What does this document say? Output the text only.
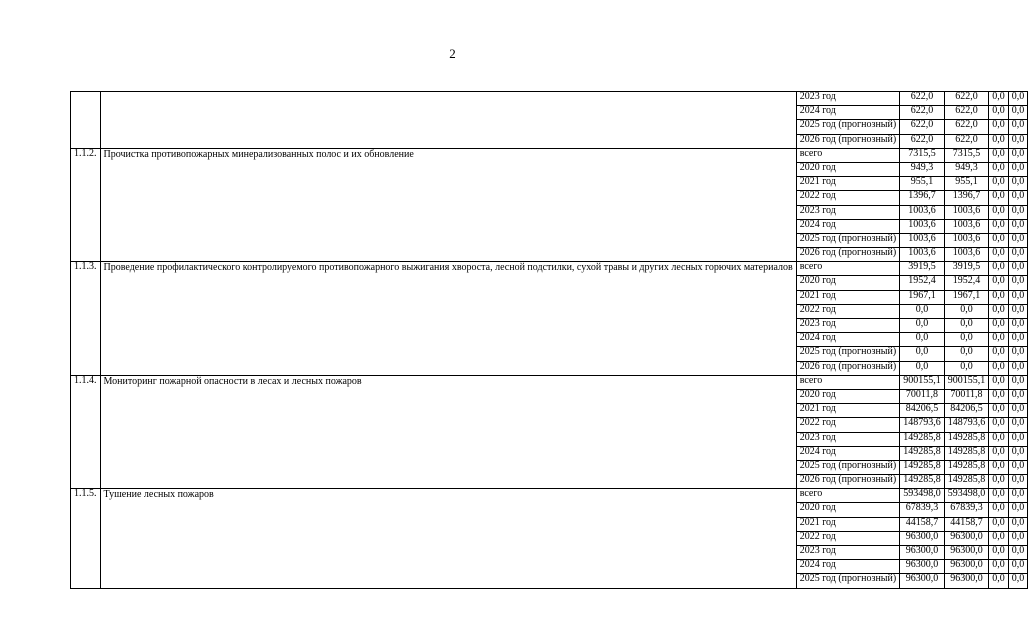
2
		2023 год	622,0	622,0	0,0	0,0
		2024 год	622,0	622,0	0,0	0,0
		2025 год (прогнозный)	622,0	622,0	0,0	0,0
		2026 год (прогнозный)	622,0	622,0	0,0	0,0
1.1.2.	Прочистка противопожарных минерализованных полос и их обновление	всего	7315,5	7315,5	0,0	0,0
		2020 год	949,3	949,3	0,0	0,0
		2021 год	955,1	955,1	0,0	0,0
		2022 год	1396,7	1396,7	0,0	0,0
		2023 год	1003,6	1003,6	0,0	0,0
		2024 год	1003,6	1003,6	0,0	0,0
		2025 год (прогнозный)	1003,6	1003,6	0,0	0,0
		2026 год (прогнозный)	1003,6	1003,6	0,0	0,0
1.1.3.	Проведение профилактического контролируемого противопожарного выжигания хвороста, лесной подстилки, сухой травы и других лесных горючих материалов	всего	3919,5	3919,5	0,0	0,0
		2020 год	1952,4	1952,4	0,0	0,0
		2021 год	1967,1	1967,1	0,0	0,0
		2022 год	0,0	0,0	0,0	0,0
		2023 год	0,0	0,0	0,0	0,0
		2024 год	0,0	0,0	0,0	0,0
		2025 год (прогнозный)	0,0	0,0	0,0	0,0
		2026 год (прогнозный)	0,0	0,0	0,0	0,0
1.1.4.	Мониторинг пожарной опасности в лесах и лесных пожаров	всего	900155,1	900155,1	0,0	0,0
		2020 год	70011,8	70011,8	0,0	0,0
		2021 год	84206,5	84206,5	0,0	0,0
		2022 год	148793,6	148793,6	0,0	0,0
		2023 год	149285,8	149285,8	0,0	0,0
		2024 год	149285,8	149285,8	0,0	0,0
		2025 год (прогнозный)	149285,8	149285,8	0,0	0,0
		2026 год (прогнозный)	149285,8	149285,8	0,0	0,0
1.1.5.	Тушение лесных пожаров	всего	593498,0	593498,0	0,0	0,0
		2020 год	67839,3	67839,3	0,0	0,0
		2021 год	44158,7	44158,7	0,0	0,0
		2022 год	96300,0	96300,0	0,0	0,0
		2023 год	96300,0	96300,0	0,0	0,0
		2024 год	96300,0	96300,0	0,0	0,0
		2025 год (прогнозный)	96300,0	96300,0	0,0	0,0
